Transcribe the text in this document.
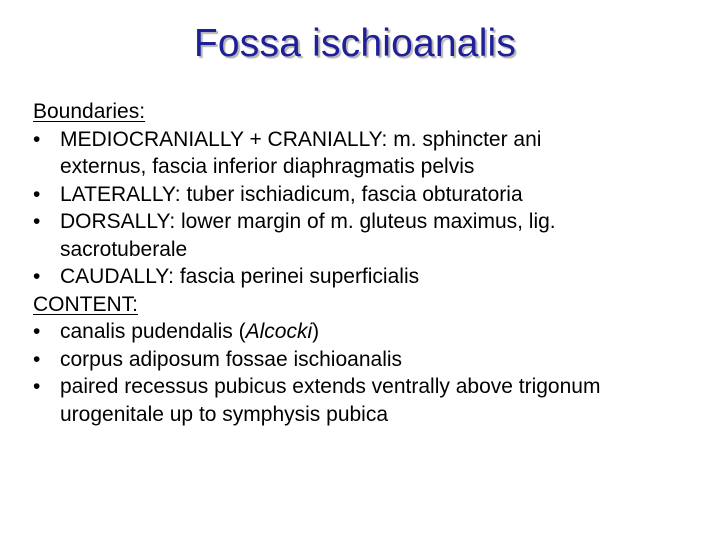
Fossa ischioanalis

Boundaries:

• MEDIOCRANIALLY + CRANIALLY: m. sphincter ani
externus, fascia inferior diaphragmatis pelvis
• LATERALLY: tuber ischiadicum, fascia obturatoria
• DORSALLY: lower margin of m. gluteus maximus, lig.
sacrotuberale
• CAUDALLY: fascia perinei superficialis

CONTENT:

• canalis pudendalis (Alcocki)
• corpus adiposum fossae ischioanalis
• paired recessus pubicus extends ventrally above trigonum
urogenitale up to symphysis pubica
